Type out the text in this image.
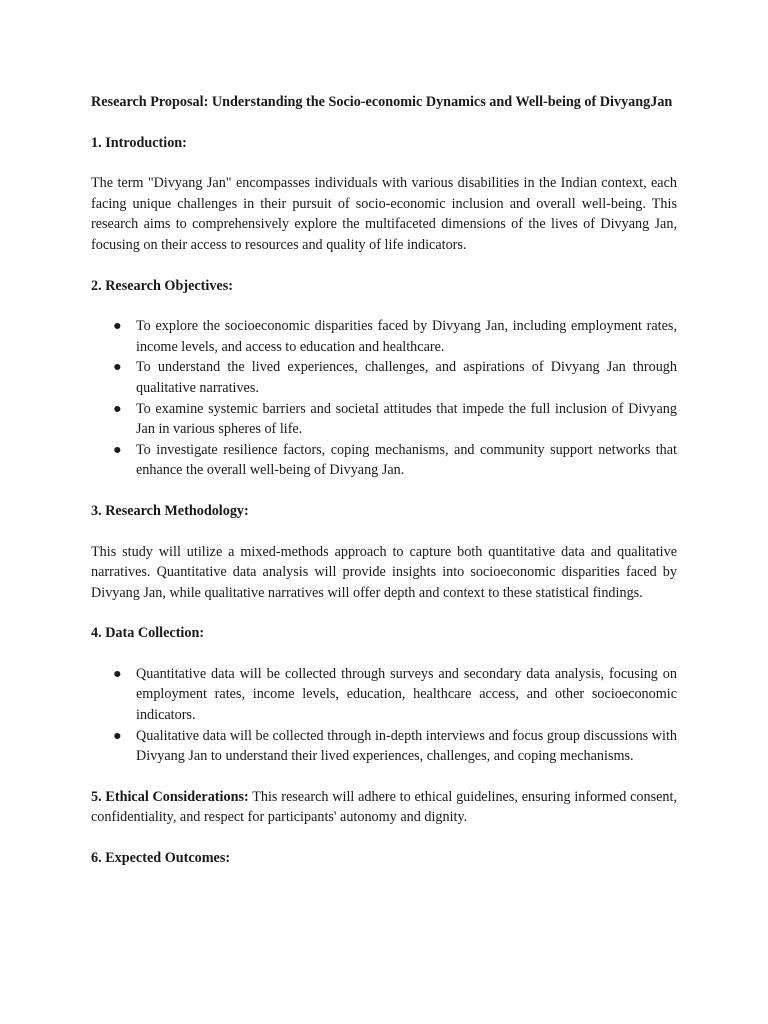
Research Proposal: Understanding the Socio-economic Dynamics and Well-being of DivyangJan
1. Introduction:

The term "Divyang Jan" encompasses individuals with various disabilities in the Indian context, each facing unique challenges in their pursuit of socio-economic inclusion and overall well-being. This research aims to comprehensively explore the multifaceted dimensions of the lives of Divyang Jan, focusing on their access to resources and quality of life indicators.

2. Research Objectives:
● To explore the socioeconomic disparities faced by Divyang Jan, including employment rates, income levels, and access to education and healthcare.
● To understand the lived experiences, challenges, and aspirations of Divyang Jan through qualitative narratives.
● To examine systemic barriers and societal attitudes that impede the full inclusion of Divyang Jan in various spheres of life.
● To investigate resilience factors, coping mechanisms, and community support networks that enhance the overall well-being of Divyang Jan.
3. Research Methodology:

This study will utilize a mixed-methods approach to capture both quantitative data and qualitative narratives. Quantitative data analysis will provide insights into socioeconomic disparities faced by Divyang Jan, while qualitative narratives will offer depth and context to these statistical findings.

4. Data Collection:
● Quantitative data will be collected through surveys and secondary data analysis, focusing on employment rates, income levels, education, healthcare access, and other socioeconomic indicators.
● Qualitative data will be collected through in-depth interviews and focus group discussions with Divyang Jan to understand their lived experiences, challenges, and coping mechanisms.

5. Ethical Considerations: This research will adhere to ethical guidelines, ensuring informed consent, confidentiality, and respect for participants' autonomy and dignity.

6. Expected Outcomes:
